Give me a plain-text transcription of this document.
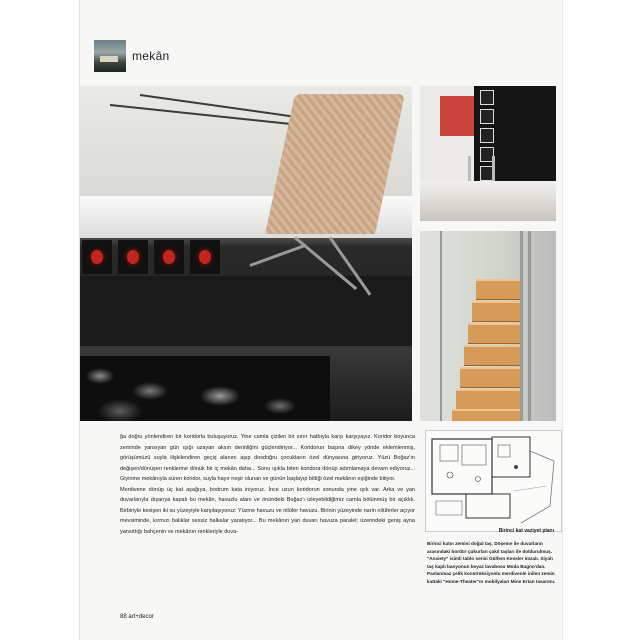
mekân

ğa doğru yönlendiren bir koridorla buluşuyoruz. Yine camla çizilen bir sınır hatbıyla karşı karşıyayız. Koridor boyunca zeminde yansıyan gün ışığı uzayan aksın derinliğini güçlendiriyor... Koridorun başına dikey yönde eklemlenmiş, görüşümüzü suyla ilişkilendiren geçiş alanını aşıp dosdoğru çocukların özel dünyasına giriyoruz. Yüzü Boğaz'ın değişen/dönüşen renklerine dönük bir iç mekân daha... Sonu ışıkla biten koridora dönüp adımlamaya devam ediyoruz... Giyinme mekânıyla süren koridor, suyla hayır neşir olunan ve günün başlayıp bittiği özel mekânın eşiğinde bitiyor.

Merdivene dönüp üç kat aşağıya, bodrum kata iniyoruz. İnce uzun koridorun sonunda yine ışık var. Arka ve yan duvarlarıyla dışarıya kapalı bu mekân, havuzlu alanı ve önündeki Boğaz'ı izleyebildiğimiz camla bölünmüş bir açıklık. Birbiriyle kesişen iki su yüzeyiyle karşılaşıyoruz: Yüzme havuzu ve nilüfer havuzu. Birinin yüzeyinde narin nilüferler açıyor mevsiminde, kırmızı balıklar sessiz halkalar yaratıyor... Bu mekânın yan duvarı havuza paralel; üzerindeki geniş ayna yansıttığı bahçenin ve mekânın renkleriyle duva-	Birinci kat vaziyet planı
Birinci katın zemini doğal taş. Döşeme ile duvarların arasındaki bordür çukurları çakıl taşları ile doldurulmuş. "Anxiety" isimli tablo serisi Gülfem Kessler imzalı. Siyah taş kaplı banyonun beyaz lavabosu Moda Bagno'dan. Paslanmaz çelik konstrüksiyonlu merdivenle inilen zemin kattaki "Home-Theater"ın mobilyaları Mine Ertan tasarımı.
88 art+decor
